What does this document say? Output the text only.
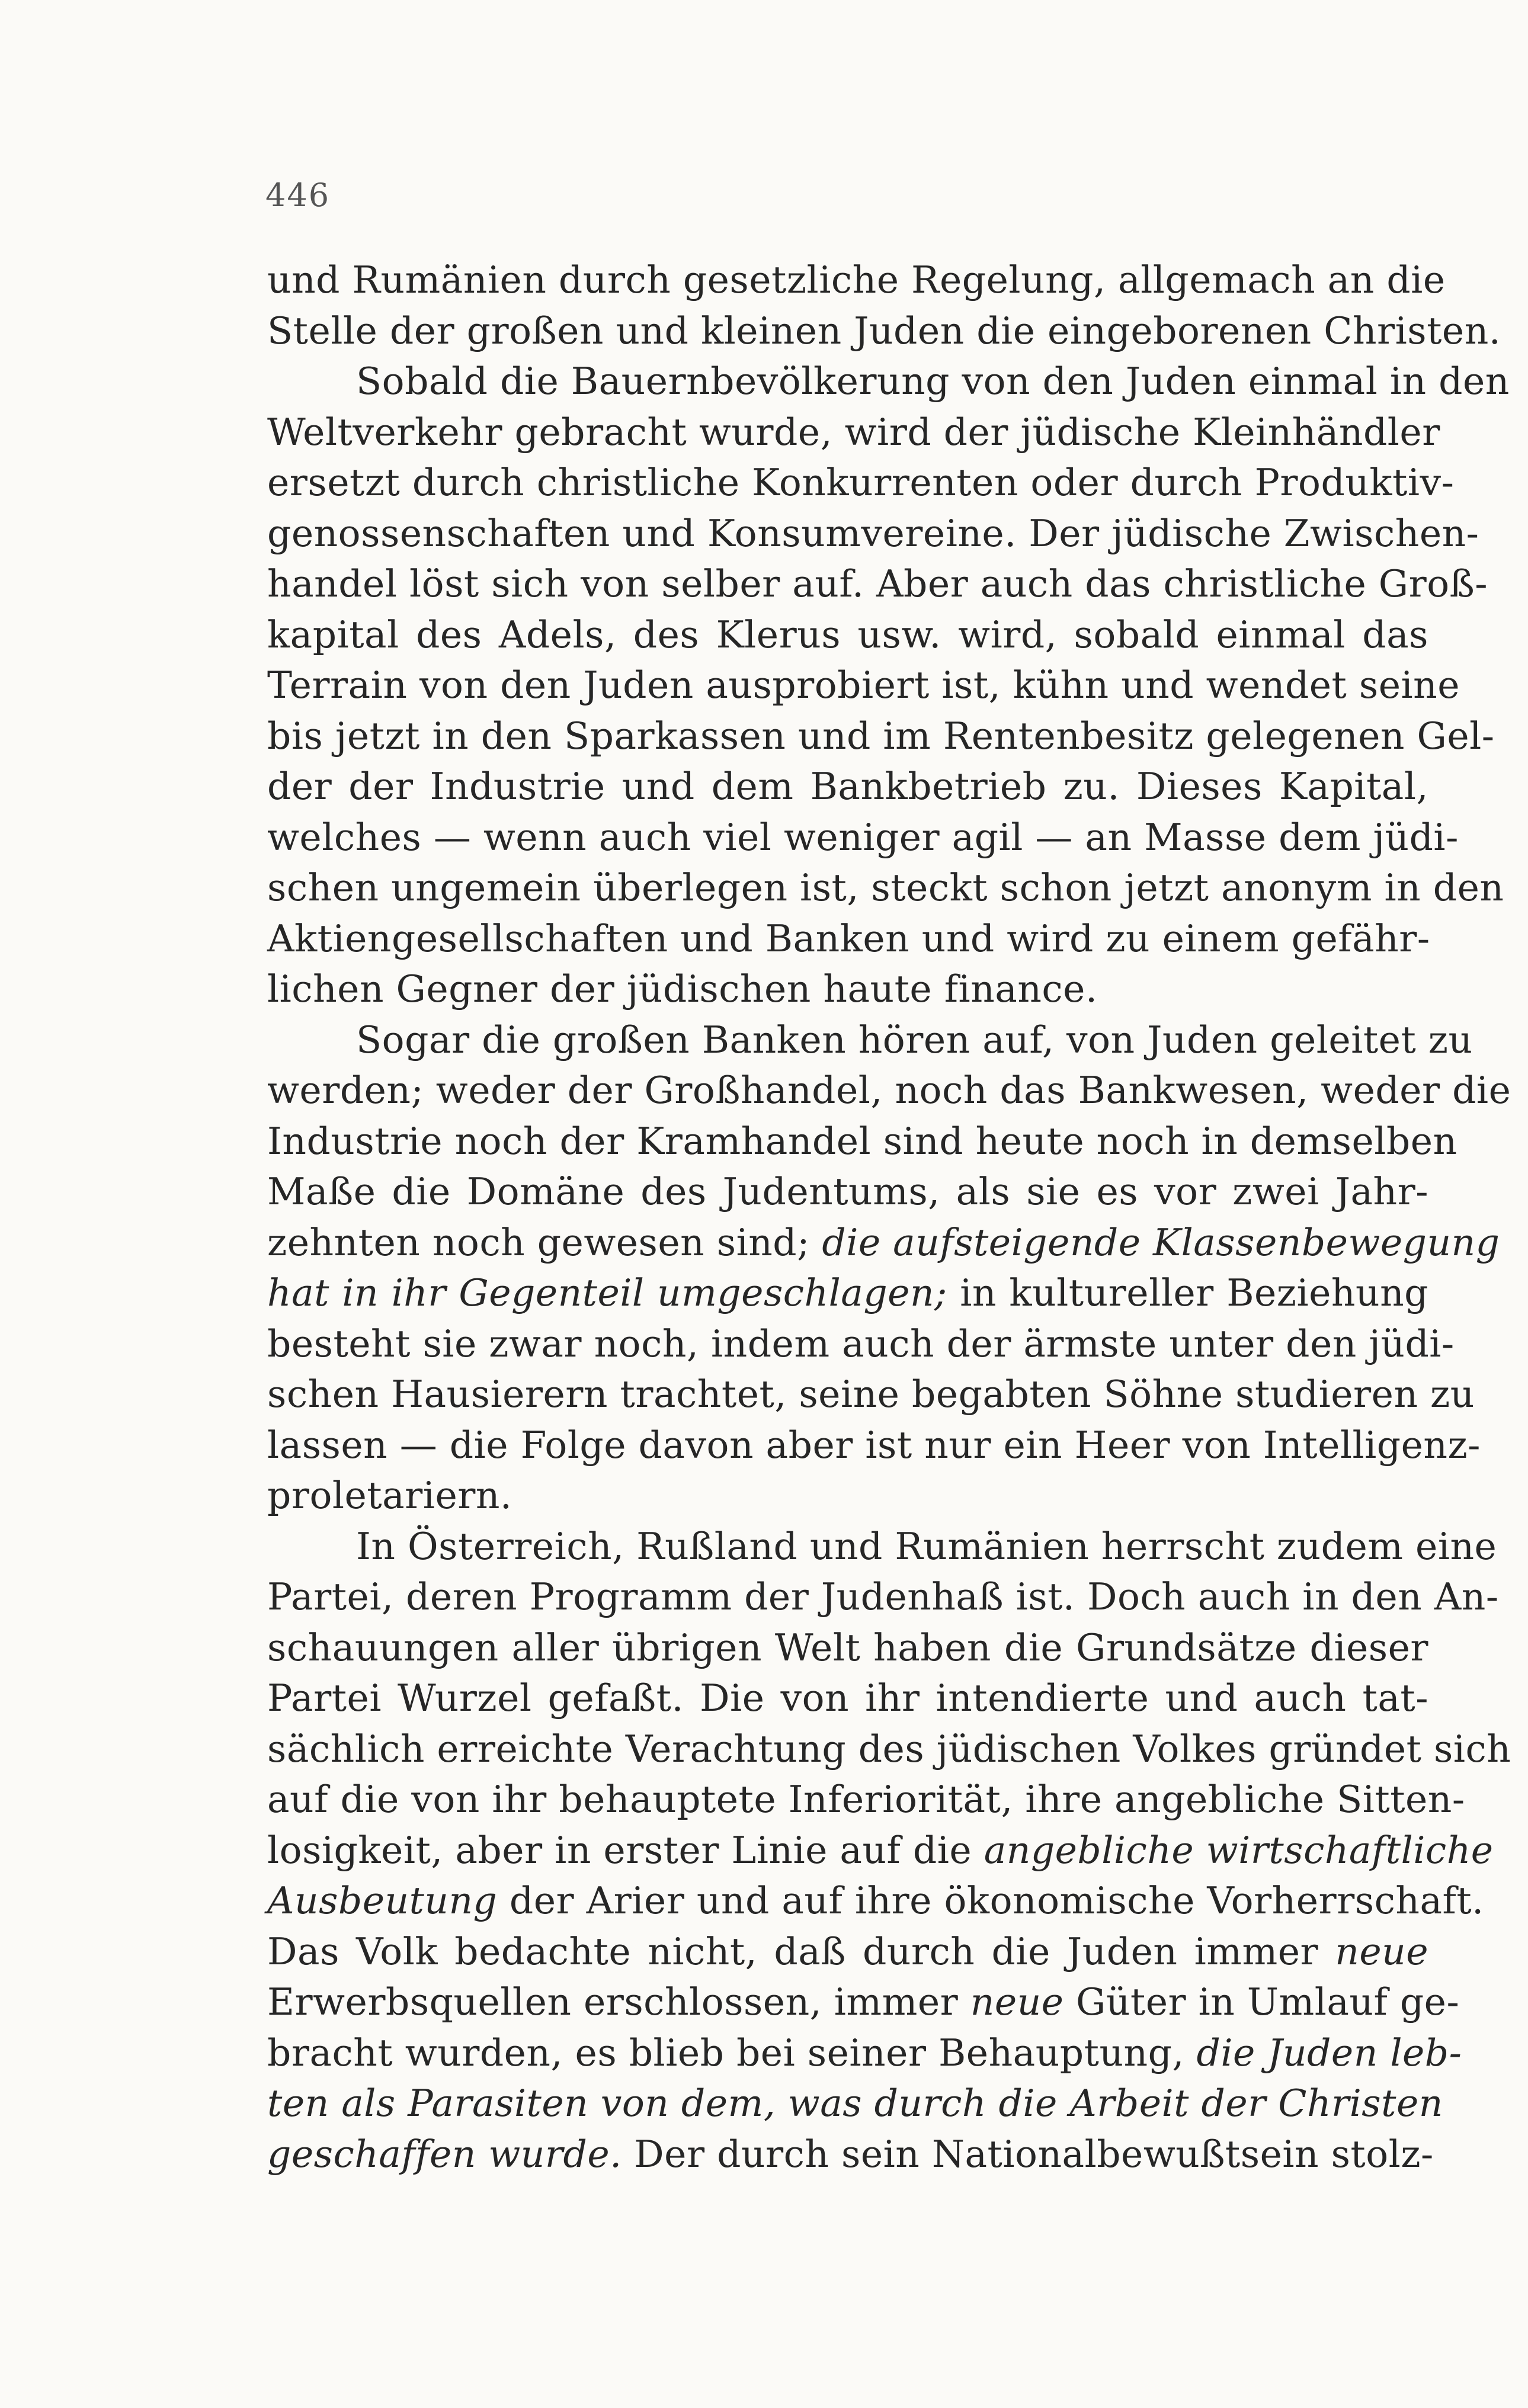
446
und Rumänien durch gesetzliche Regelung, allgemach an die
Stelle der großen und kleinen Juden die eingeborenen Christen.
Sobald die Bauernbevölkerung von den Juden einmal in den
Weltverkehr gebracht wurde, wird der jüdische Kleinhändler
ersetzt durch christliche Konkurrenten oder durch Produktiv-
genossenschaften und Konsumvereine. Der jüdische Zwischen-
handel löst sich von selber auf. Aber auch das christliche Groß-
kapital des Adels, des Klerus usw. wird, sobald einmal das
Terrain von den Juden ausprobiert ist, kühn und wendet seine
bis jetzt in den Sparkassen und im Rentenbesitz gelegenen Gel-
der der Industrie und dem Bankbetrieb zu. Dieses Kapital,
welches — wenn auch viel weniger agil — an Masse dem jüdi-
schen ungemein überlegen ist, steckt schon jetzt anonym in den
Aktiengesellschaften und Banken und wird zu einem gefähr-
lichen Gegner der jüdischen haute finance.
Sogar die großen Banken hören auf, von Juden geleitet zu
werden; weder der Großhandel, noch das Bankwesen, weder die
Industrie noch der Kramhandel sind heute noch in demselben
Maße die Domäne des Judentums, als sie es vor zwei Jahr-
zehnten noch gewesen sind; die aufsteigende Klassenbewegung
hat in ihr Gegenteil umgeschlagen; in kultureller Beziehung
besteht sie zwar noch, indem auch der ärmste unter den jüdi-
schen Hausierern trachtet, seine begabten Söhne studieren zu
lassen — die Folge davon aber ist nur ein Heer von Intelligenz-
proletariern.
In Österreich, Rußland und Rumänien herrscht zudem eine
Partei, deren Programm der Judenhaß ist. Doch auch in den An-
schauungen aller übrigen Welt haben die Grundsätze dieser
Partei Wurzel gefaßt. Die von ihr intendierte und auch tat-
sächlich erreichte Verachtung des jüdischen Volkes gründet sich
auf die von ihr behauptete Inferiorität, ihre angebliche Sitten-
losigkeit, aber in erster Linie auf die angebliche wirtschaftliche
Ausbeutung der Arier und auf ihre ökonomische Vorherrschaft.
Das Volk bedachte nicht, daß durch die Juden immer neue
Erwerbsquellen erschlossen, immer neue Güter in Umlauf ge-
bracht wurden, es blieb bei seiner Behauptung, die Juden leb-
ten als Parasiten von dem, was durch die Arbeit der Christen
geschaffen wurde. Der durch sein Nationalbewußtsein stolz-
